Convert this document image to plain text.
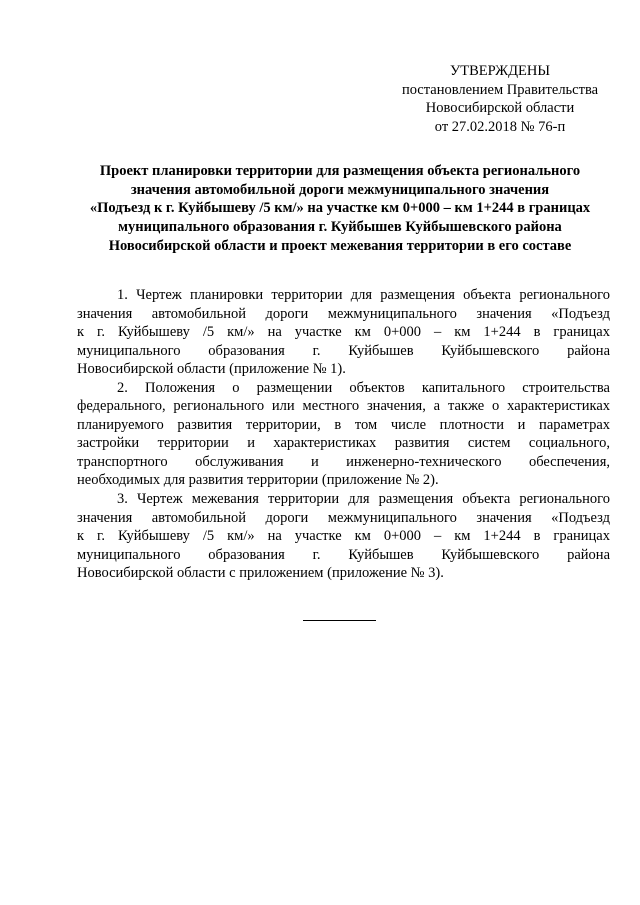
УТВЕРЖДЕНЫ
постановлением Правительства
Новосибирской области
от 27.02.2018 № 76-п
Проект планировки территории для размещения объекта регионального
значения автомобильной дороги межмуниципального значения
«Подъезд к г. Куйбышеву /5 км/» на участке км 0+000 – км 1+244 в границах
муниципального образования г. Куйбышев Куйбышевского района
Новосибирской области и проект межевания территории в его составе
1. Чертеж планировки территории для размещения объекта регионального
значения автомобильной дороги межмуниципального значения «Подъезд
к г. Куйбышеву /5 км/» на участке км 0+000 – км 1+244 в границах
муниципального образования г. Куйбышев Куйбышевского района
Новосибирской области (приложение № 1).
2. Положения о размещении объектов капитального строительства
федерального, регионального или местного значения, а также о характеристиках
планируемого развития территории, в том числе плотности и параметрах
застройки территории и характеристиках развития систем социального,
транспортного обслуживания и инженерно-технического обеспечения,
необходимых для развития территории (приложение № 2).
3. Чертеж межевания территории для размещения объекта регионального
значения автомобильной дороги межмуниципального значения «Подъезд
к г. Куйбышеву /5 км/» на участке км 0+000 – км 1+244 в границах
муниципального образования г. Куйбышев Куйбышевского района
Новосибирской области с приложением (приложение № 3).
